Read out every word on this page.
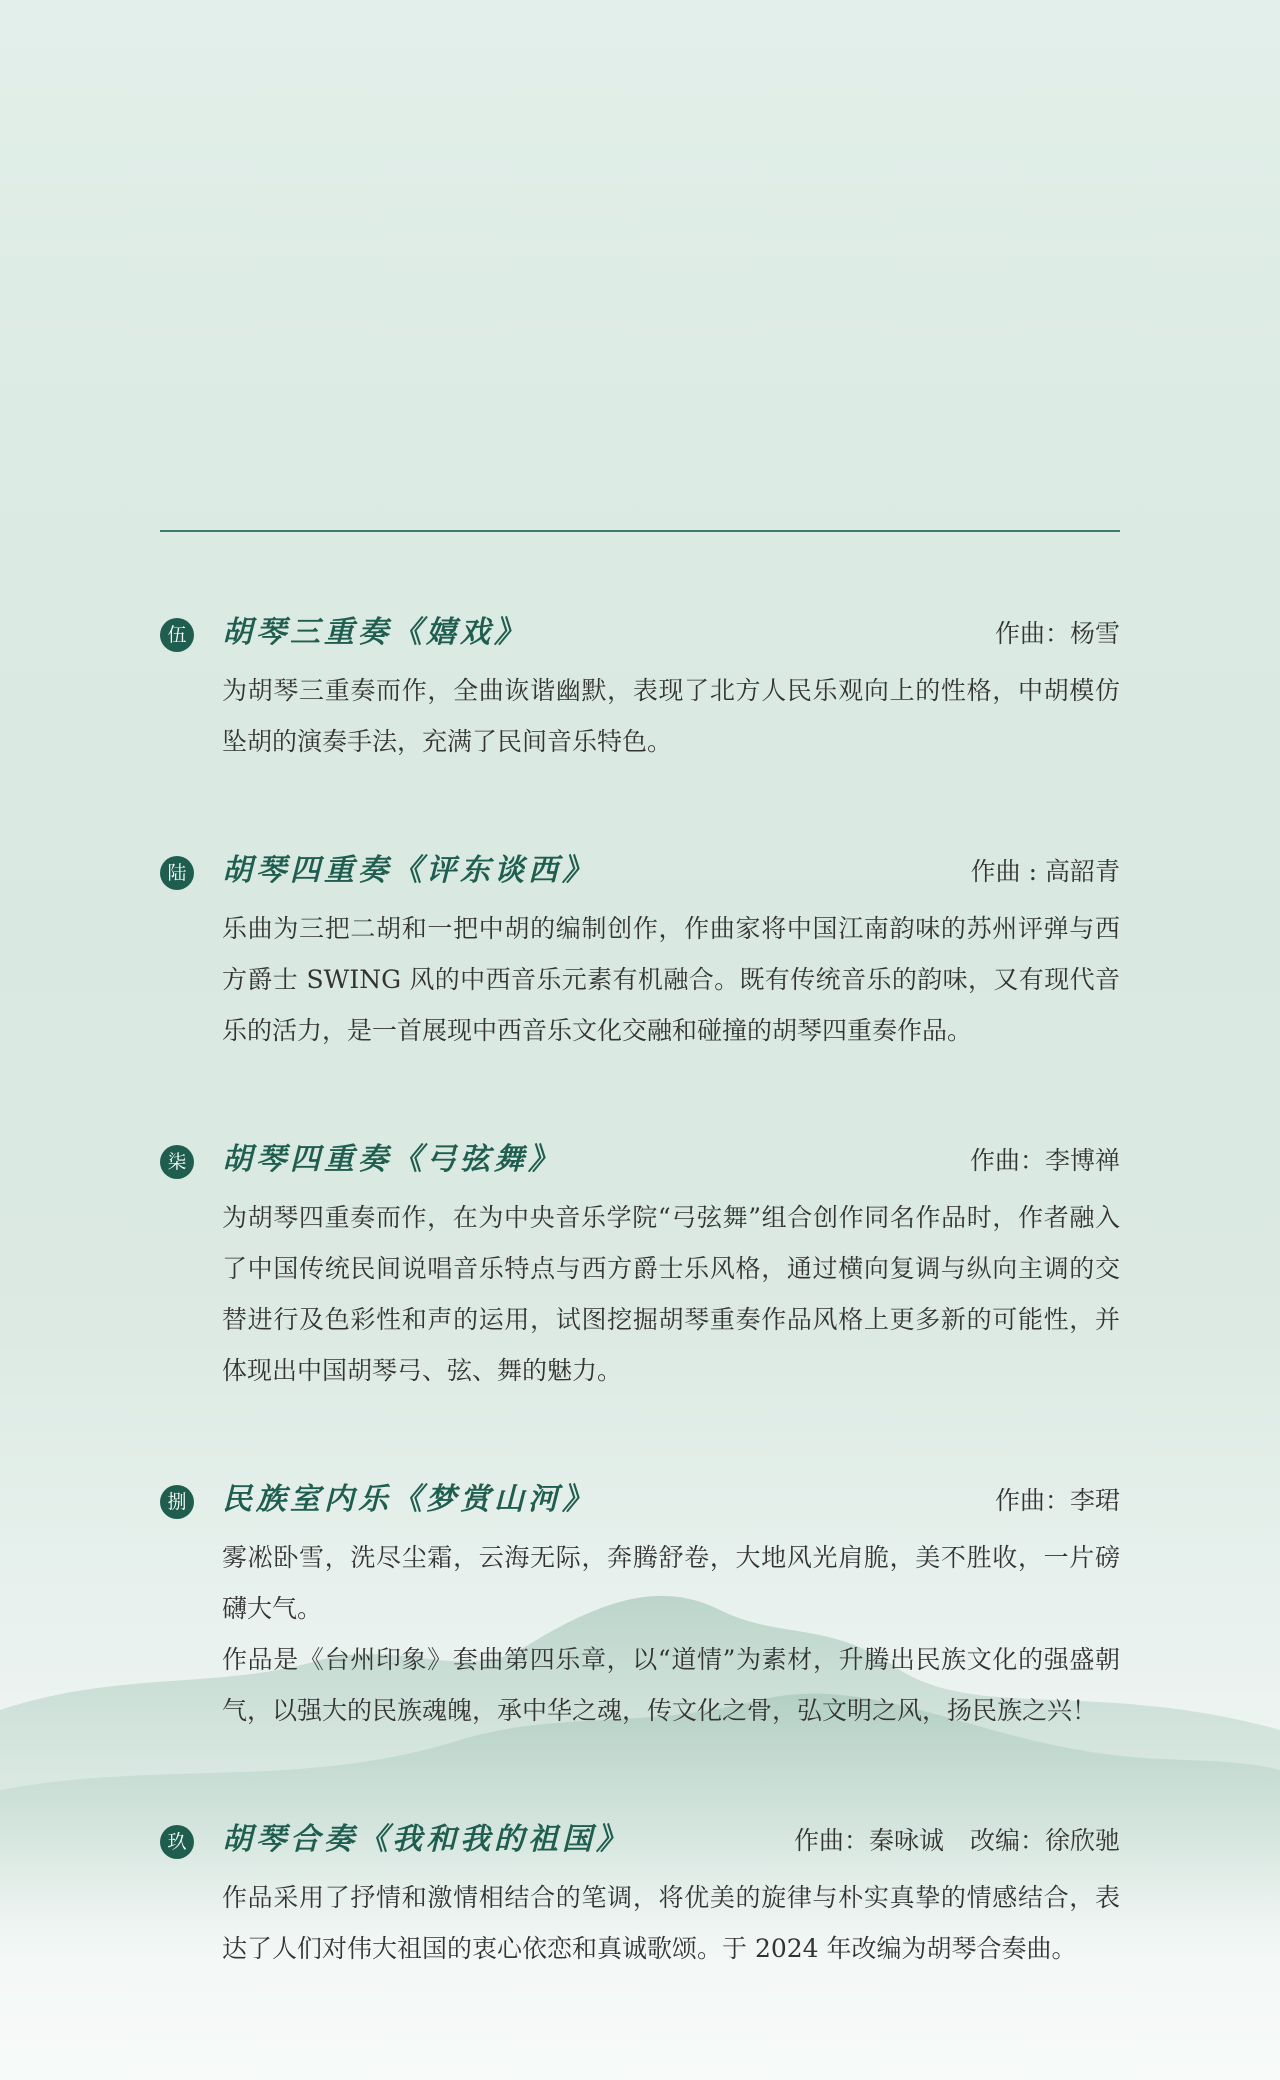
伍 胡琴三重奏《嬉戏》	作曲：杨雪

为胡琴三重奏而作，全曲诙谐幽默，表现了北方人民乐观向上的性格，中胡模仿坠胡的演奏手法，充满了民间音乐特色。

陆 胡琴四重奏《评东谈西》	作曲 : 高韶青

乐曲为三把二胡和一把中胡的编制创作，作曲家将中国江南韵味的苏州评弹与西方爵士 SWING 风的中西音乐元素有机融合。既有传统音乐的韵味，又有现代音乐的活力，是一首展现中西音乐文化交融和碰撞的胡琴四重奏作品。

柒 胡琴四重奏《弓弦舞》	作曲：李博禅

为胡琴四重奏而作，在为中央音乐学院“弓弦舞”组合创作同名作品时，作者融入了中国传统民间说唱音乐特点与西方爵士乐风格，通过横向复调与纵向主调的交替进行及色彩性和声的运用，试图挖掘胡琴重奏作品风格上更多新的可能性，并体现出中国胡琴弓、弦、舞的魅力。

捌 民族室内乐《梦赏山河》	作曲：李珺

雾凇卧雪，洗尽尘霜，云海无际，奔腾舒卷，大地风光肩脆，美不胜收，一片磅礴大气。

作品是《台州印象》套曲第四乐章，以“道情”为素材，升腾出民族文化的强盛朝气，以强大的民族魂魄，承中华之魂，传文化之骨，弘文明之风，扬民族之兴！

玖 胡琴合奏《我和我的祖国》	作曲：秦咏诚 改编：徐欣驰

作品采用了抒情和激情相结合的笔调，将优美的旋律与朴实真挚的情感结合，表达了人们对伟大祖国的衷心依恋和真诚歌颂。于 2024 年改编为胡琴合奏曲。
